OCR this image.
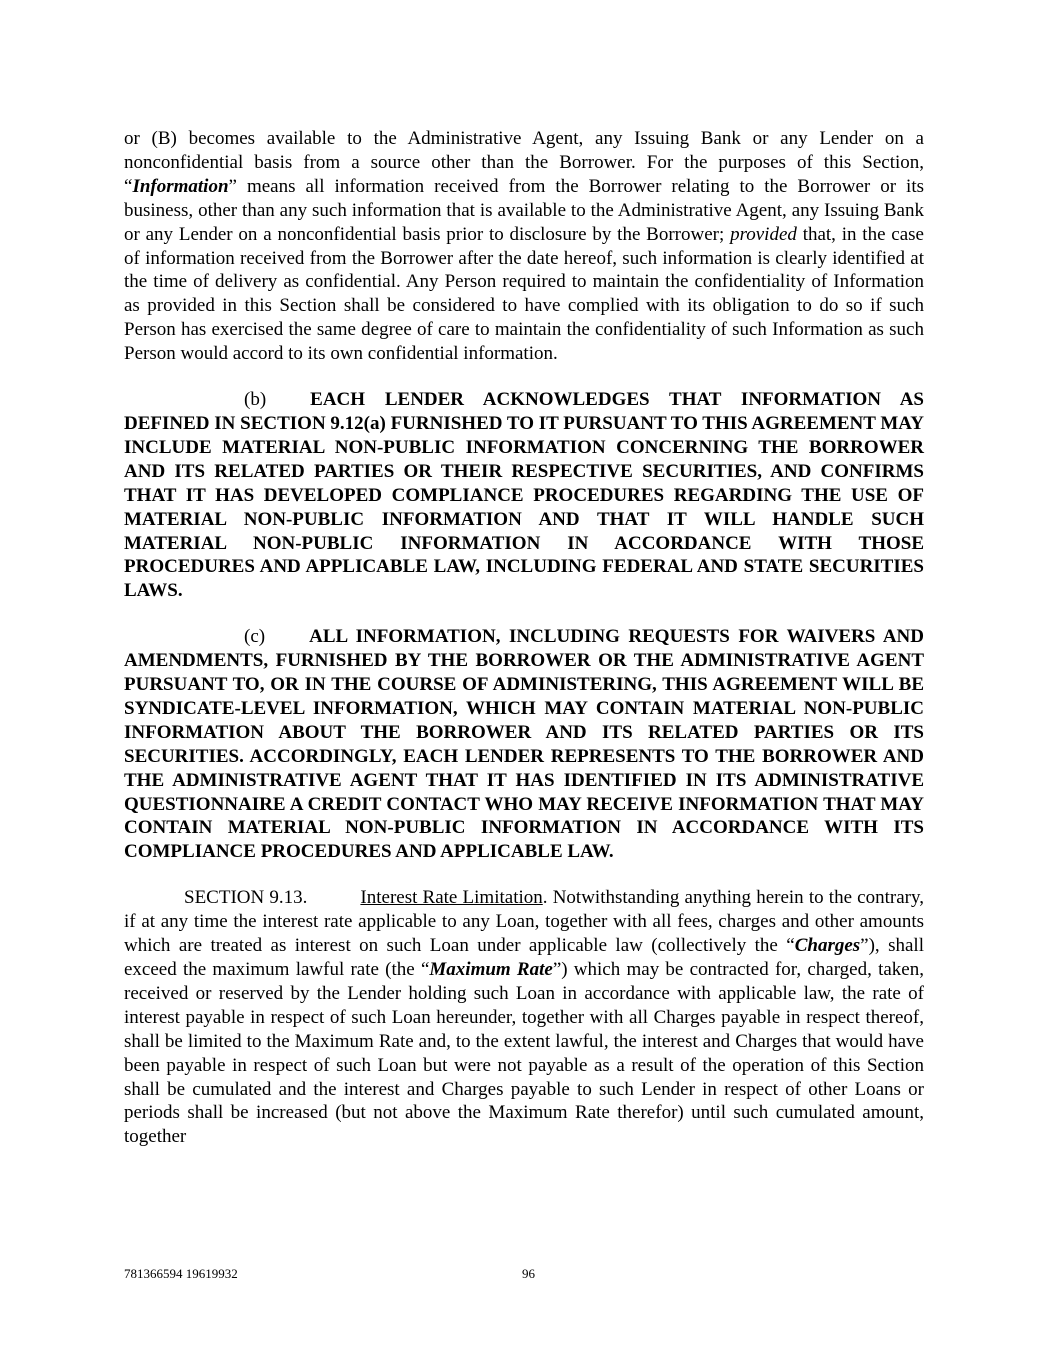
or (B) becomes available to the Administrative Agent, any Issuing Bank or any Lender on a nonconfidential basis from a source other than the Borrower. For the purposes of this Section, “Information” means all information received from the Borrower relating to the Borrower or its business, other than any such information that is available to the Administrative Agent, any Issuing Bank or any Lender on a nonconfidential basis prior to disclosure by the Borrower; provided that, in the case of information received from the Borrower after the date hereof, such information is clearly identified at the time of delivery as confidential. Any Person required to maintain the confidentiality of Information as provided in this Section shall be considered to have complied with its obligation to do so if such Person has exercised the same degree of care to maintain the confidentiality of such Information as such Person would accord to its own confidential information.

(b) EACH LENDER ACKNOWLEDGES THAT INFORMATION AS DEFINED IN SECTION 9.12(a) FURNISHED TO IT PURSUANT TO THIS AGREEMENT MAY INCLUDE MATERIAL NON-PUBLIC INFORMATION CONCERNING THE BORROWER AND ITS RELATED PARTIES OR THEIR RESPECTIVE SECURITIES, AND CONFIRMS THAT IT HAS DEVELOPED COMPLIANCE PROCEDURES REGARDING THE USE OF MATERIAL NON-PUBLIC INFORMATION AND THAT IT WILL HANDLE SUCH MATERIAL NON-PUBLIC INFORMATION IN ACCORDANCE WITH THOSE PROCEDURES AND APPLICABLE LAW, INCLUDING FEDERAL AND STATE SECURITIES LAWS.

(c) ALL INFORMATION, INCLUDING REQUESTS FOR WAIVERS AND AMENDMENTS, FURNISHED BY THE BORROWER OR THE ADMINISTRATIVE AGENT PURSUANT TO, OR IN THE COURSE OF ADMINISTERING, THIS AGREEMENT WILL BE SYNDICATE-LEVEL INFORMATION, WHICH MAY CONTAIN MATERIAL NON-PUBLIC INFORMATION ABOUT THE BORROWER AND ITS RELATED PARTIES OR ITS SECURITIES. ACCORDINGLY, EACH LENDER REPRESENTS TO THE BORROWER AND THE ADMINISTRATIVE AGENT THAT IT HAS IDENTIFIED IN ITS ADMINISTRATIVE QUESTIONNAIRE A CREDIT CONTACT WHO MAY RECEIVE INFORMATION THAT MAY CONTAIN MATERIAL NON-PUBLIC INFORMATION IN ACCORDANCE WITH ITS COMPLIANCE PROCEDURES AND APPLICABLE LAW.

SECTION 9.13.	Interest Rate Limitation. Notwithstanding anything herein to the contrary, if at any time the interest rate applicable to any Loan, together with all fees, charges and other amounts which are treated as interest on such Loan under applicable law (collectively the “Charges”), shall exceed the maximum lawful rate (the “Maximum Rate”) which may be contracted for, charged, taken, received or reserved by the Lender holding such Loan in accordance with applicable law, the rate of interest payable in respect of such Loan hereunder, together with all Charges payable in respect thereof, shall be limited to the Maximum Rate and, to the extent lawful, the interest and Charges that would have been payable in respect of such Loan but were not payable as a result of the operation of this Section shall be cumulated and the interest and Charges payable to such Lender in respect of other Loans or periods shall be increased (but not above the Maximum Rate therefor) until such cumulated amount, together

781366594 19619932	96
